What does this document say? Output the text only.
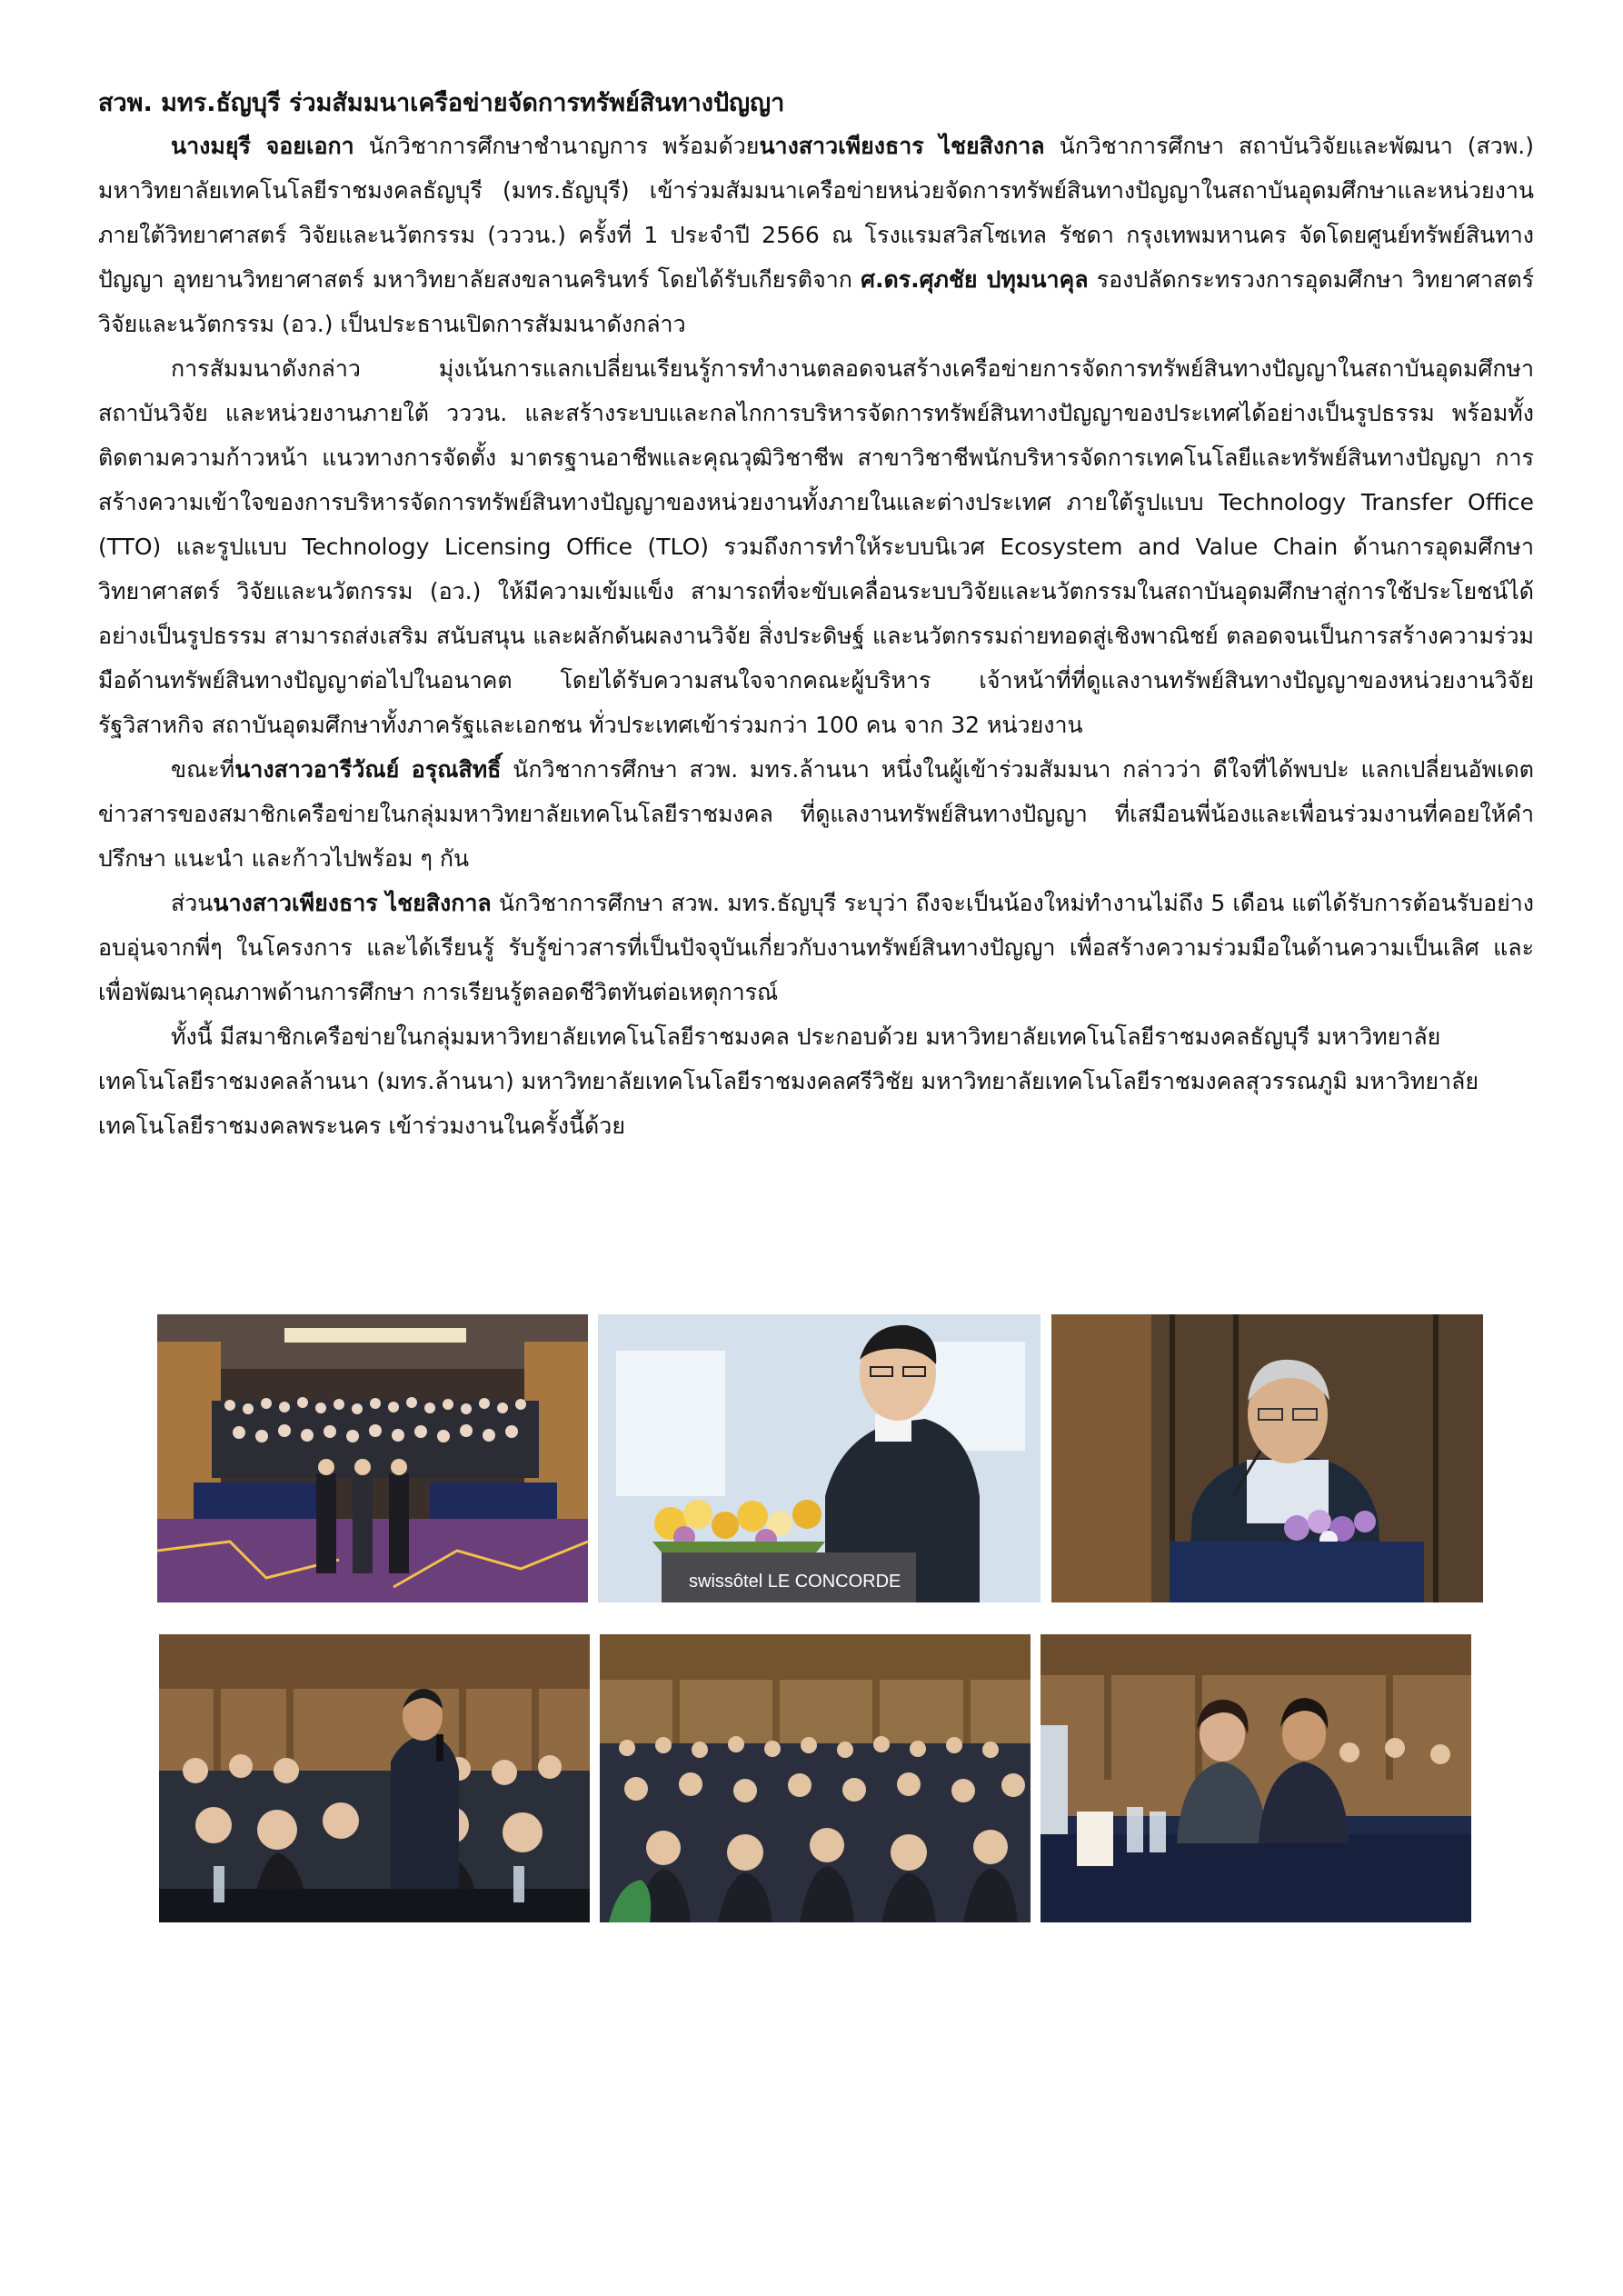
สวพ. มทร.ธัญบุรี ร่วมสัมมนาเครือข่ายจัดการทรัพย์สินทางปัญญา

นางมยุรี จอยเอกา นักวิชาการศึกษาชำนาญการ พร้อมด้วยนางสาวเพียงธาร ไชยสิงกาล นักวิชาการศึกษา สถาบันวิจัยและพัฒนา (สวพ.) มหาวิทยาลัยเทคโนโลยีราชมงคลธัญบุรี (มทร.ธัญบุรี) เข้าร่วมสัมมนาเครือข่ายหน่วยจัดการทรัพย์สินทางปัญญาในสถาบันอุดมศึกษาและหน่วยงานภายใต้วิทยาศาสตร์ วิจัยและนวัตกรรม (วววน.) ครั้งที่ 1 ประจำปี 2566 ณ โรงแรมสวิสโซเทล รัชดา กรุงเทพมหานคร จัดโดยศูนย์ทรัพย์สินทางปัญญา อุทยานวิทยาศาสตร์ มหาวิทยาลัยสงขลานครินทร์ โดยได้รับเกียรติจาก ศ.ดร.ศุภชัย ปทุมนาคุล รองปลัดกระทรวงการอุดมศึกษา วิทยาศาสตร์ วิจัยและนวัตกรรม (อว.) เป็นประธานเปิดการสัมมนาดังกล่าว

การสัมมนาดังกล่าว มุ่งเน้นการแลกเปลี่ยนเรียนรู้การทำงานตลอดจนสร้างเครือข่ายการจัดการทรัพย์สินทางปัญญาในสถาบันอุดมศึกษา สถาบันวิจัย และหน่วยงานภายใต้ วววน. และสร้างระบบและกลไกการบริหารจัดการทรัพย์สินทางปัญญาของประเทศได้อย่างเป็นรูปธรรม พร้อมทั้งติดตามความก้าวหน้า แนวทางการจัดตั้ง มาตรฐานอาชีพและคุณวุฒิวิชาชีพ สาขาวิชาชีพนักบริหารจัดการเทคโนโลยีและทรัพย์สินทางปัญญา การสร้างความเข้าใจของการบริหารจัดการทรัพย์สินทางปัญญาของหน่วยงานทั้งภายในและต่างประเทศ ภายใต้รูปแบบ Technology Transfer Office (TTO) และรูปแบบ Technology Licensing Office (TLO) รวมถึงการทำให้ระบบนิเวศ Ecosystem and Value Chain ด้านการอุดมศึกษา วิทยาศาสตร์ วิจัยและนวัตกรรม (อว.) ให้มีความเข้มแข็ง สามารถที่จะขับเคลื่อนระบบวิจัยและนวัตกรรมในสถาบันอุดมศึกษาสู่การใช้ประโยชน์ได้อย่างเป็นรูปธรรม สามารถส่งเสริม สนับสนุน และผลักดันผลงานวิจัย สิ่งประดิษฐ์ และนวัตกรรมถ่ายทอดสู่เชิงพาณิชย์ ตลอดจนเป็นการสร้างความร่วมมือด้านทรัพย์สินทางปัญญาต่อไปในอนาคต โดยได้รับความสนใจจากคณะผู้บริหาร เจ้าหน้าที่ที่ดูแลงานทรัพย์สินทางปัญญาของหน่วยงานวิจัย รัฐวิสาหกิจ สถาบันอุดมศึกษาทั้งภาครัฐและเอกชน ทั่วประเทศเข้าร่วมกว่า 100 คน จาก 32 หน่วยงาน

ขณะที่นางสาวอารีวัณย์ อรุณสิทธิ์ นักวิชาการศึกษา สวพ. มทร.ล้านนา หนึ่งในผู้เข้าร่วมสัมมนา กล่าวว่า ดีใจที่ได้พบปะ แลกเปลี่ยนอัพเดต ข่าวสารของสมาชิกเครือข่ายในกลุ่มมหาวิทยาลัยเทคโนโลยีราชมงคล ที่ดูแลงานทรัพย์สินทางปัญญา ที่เสมือนพี่น้องและเพื่อนร่วมงานที่คอยให้คำปรึกษา แนะนำ และก้าวไปพร้อม ๆ กัน

ส่วนนางสาวเพียงธาร ไชยสิงกาล นักวิชาการศึกษา สวพ. มทร.ธัญบุรี ระบุว่า ถึงจะเป็นน้องใหม่ทำงานไม่ถึง 5 เดือน แต่ได้รับการต้อนรับอย่างอบอุ่นจากพี่ๆ ในโครงการ และได้เรียนรู้ รับรู้ข่าวสารที่เป็นปัจจุบันเกี่ยวกับงานทรัพย์สินทางปัญญา เพื่อสร้างความร่วมมือในด้านความเป็นเลิศ และเพื่อพัฒนาคุณภาพด้านการศึกษา การเรียนรู้ตลอดชีวิตทันต่อเหตุการณ์

ทั้งนี้ มีสมาชิกเครือข่ายในกลุ่มมหาวิทยาลัยเทคโนโลยีราชมงคล ประกอบด้วย มหาวิทยาลัยเทคโนโลยีราชมงคลธัญบุรี มหาวิทยาลัยเทคโนโลยีราชมงคลล้านนา (มทร.ล้านนา) มหาวิทยาลัยเทคโนโลยีราชมงคลศรีวิชัย มหาวิทยาลัยเทคโนโลยีราชมงคลสุวรรณภูมิ มหาวิทยาลัยเทคโนโลยีราชมงคลพระนคร เข้าร่วมงานในครั้งนี้ด้วย

swissôtel LE CONCORDE
